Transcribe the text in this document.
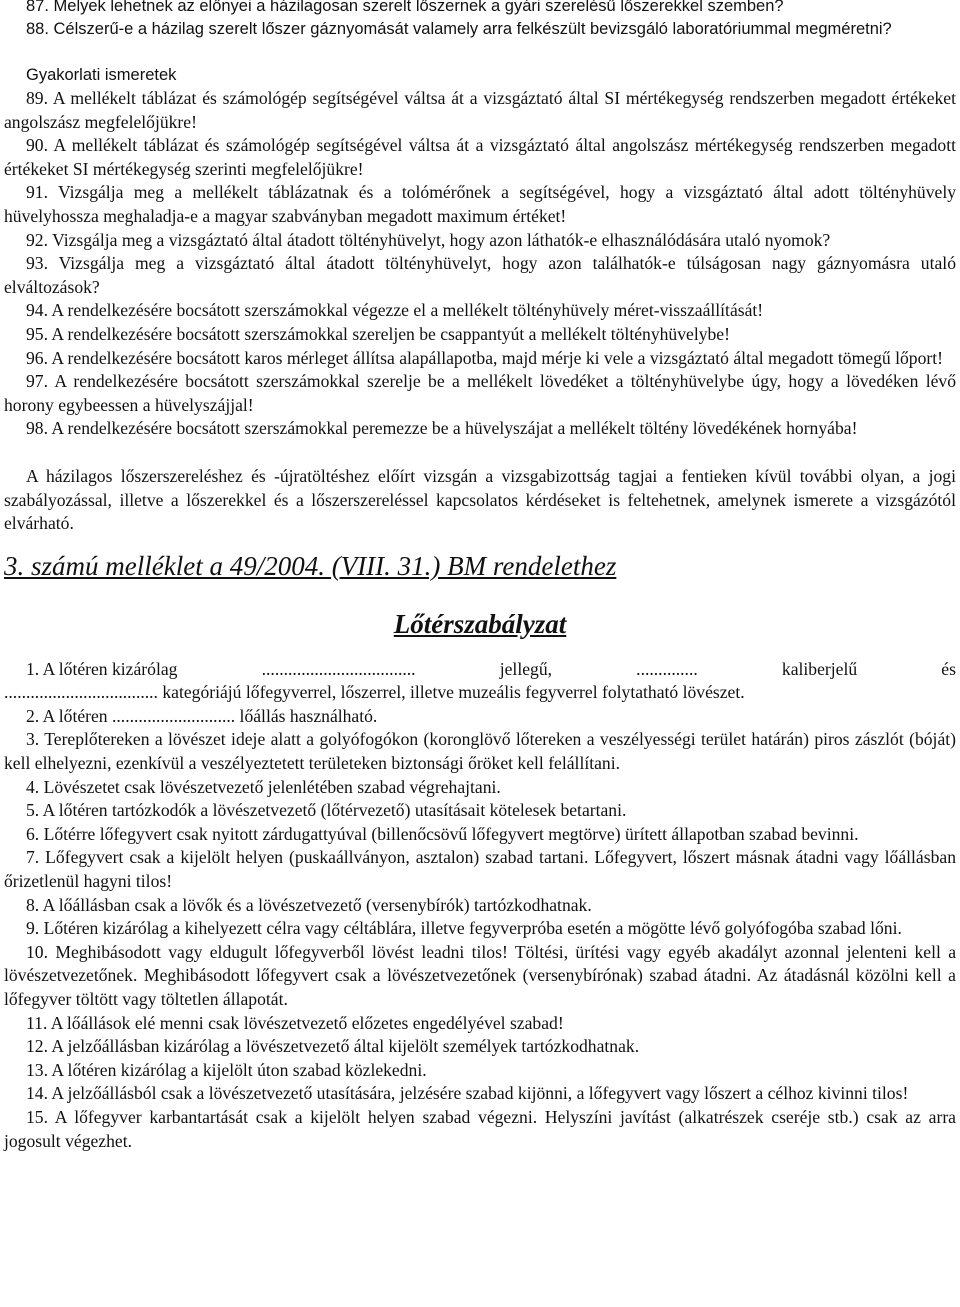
87. Melyek lehetnek az előnyei a házilagosan szerelt lőszernek a gyári szerelésű lőszerekkel szemben?

88. Célszerű-e a házilag szerelt lőszer gáznyomását valamely arra felkészült bevizsgáló laboratóriummal megméretni?

Gyakorlati ismeretek

89. A mellékelt táblázat és számológép segítségével váltsa át a vizsgáztató által SI mértékegység rendszerben megadott értékeket angolszász megfelelőjükre!

90. A mellékelt táblázat és számológép segítségével váltsa át a vizsgáztató által angolszász mértékegység rendszerben megadott értékeket SI mértékegység szerinti megfelelőjükre!

91. Vizsgálja meg a mellékelt táblázatnak és a tolómérőnek a segítségével, hogy a vizsgáztató által adott töltényhüvely hüvelyhossza meghaladja-e a magyar szabványban megadott maximum értéket!

92. Vizsgálja meg a vizsgáztató által átadott töltényhüvelyt, hogy azon láthatók-e elhasználódására utaló nyomok?

93. Vizsgálja meg a vizsgáztató által átadott töltényhüvelyt, hogy azon találhatók-e túlságosan nagy gáznyomásra utaló elváltozások?

94. A rendelkezésére bocsátott szerszámokkal végezze el a mellékelt töltényhüvely méret-visszaállítását!

95. A rendelkezésére bocsátott szerszámokkal szereljen be csappantyút a mellékelt töltényhüvelybe!

96. A rendelkezésére bocsátott karos mérleget állítsa alapállapotba, majd mérje ki vele a vizsgáztató által megadott tömegű lőport!

97. A rendelkezésére bocsátott szerszámokkal szerelje be a mellékelt lövedéket a töltényhüvelybe úgy, hogy a lövedéken lévő horony egybeessen a hüvelyszájjal!

98. A rendelkezésére bocsátott szerszámokkal peremezze be a hüvelyszájat a mellékelt töltény lövedékének hornyába!

A házilagos lőszerszereléshez és -újratöltéshez előírt vizsgán a vizsgabizottság tagjai a fentieken kívül további olyan, a jogi szabályozással, illetve a lőszerekkel és a lőszerszereléssel kapcsolatos kérdéseket is feltehetnek, amelynek ismerete a vizsgázótól elvárható.

3. számú melléklet a 49/2004. (VIII. 31.) BM rendelethez

Lőtérszabályzat

1. A lőtéren kizárólag	...................................	jellegű,	..............	kaliberjelű	és

................................... kategóriájú lőfegyverrel, lőszerrel, illetve muzeális fegyverrel folytatható lövészet.

2. A lőtéren ............................ lőállás használható.

3. Tereplőtereken a lövészet ideje alatt a golyófogókon (koronglövő lőtereken a veszélyességi terület határán) piros zászlót (bóját) kell elhelyezni, ezenkívül a veszélyeztetett területeken biztonsági őröket kell felállítani.

4. Lövészetet csak lövészetvezető jelenlétében szabad végrehajtani.

5. A lőtéren tartózkodók a lövészetvezető (lőtérvezető) utasításait kötelesek betartani.

6. Lőtérre lőfegyvert csak nyitott zárdugattyúval (billenőcsövű lőfegyvert megtörve) ürített állapotban szabad bevinni.

7. Lőfegyvert csak a kijelölt helyen (puskaállványon, asztalon) szabad tartani. Lőfegyvert, lőszert másnak átadni vagy lőállásban őrizetlenül hagyni tilos!

8. A lőállásban csak a lövők és a lövészetvezető (versenybírók) tartózkodhatnak.

9. Lőtéren kizárólag a kihelyezett célra vagy céltáblára, illetve fegyverpróba esetén a mögötte lévő golyófogóba szabad lőni.

10. Meghibásodott vagy eldugult lőfegyverből lövést leadni tilos! Töltési, ürítési vagy egyéb akadályt azonnal jelenteni kell a lövészetvezetőnek. Meghibásodott lőfegyvert csak a lövészetvezetőnek (versenybírónak) szabad átadni. Az átadásnál közölni kell a lőfegyver töltött vagy töltetlen állapotát.

11. A lőállások elé menni csak lövészetvezető előzetes engedélyével szabad!

12. A jelzőállásban kizárólag a lövészetvezető által kijelölt személyek tartózkodhatnak.

13. A lőtéren kizárólag a kijelölt úton szabad közlekedni.

14. A jelzőállásból csak a lövészetvezető utasítására, jelzésére szabad kijönni, a lőfegyvert vagy lőszert a célhoz kivinni tilos!

15. A lőfegyver karbantartását csak a kijelölt helyen szabad végezni. Helyszíni javítást (alkatrészek cseréje stb.) csak az arra jogosult végezhet.
